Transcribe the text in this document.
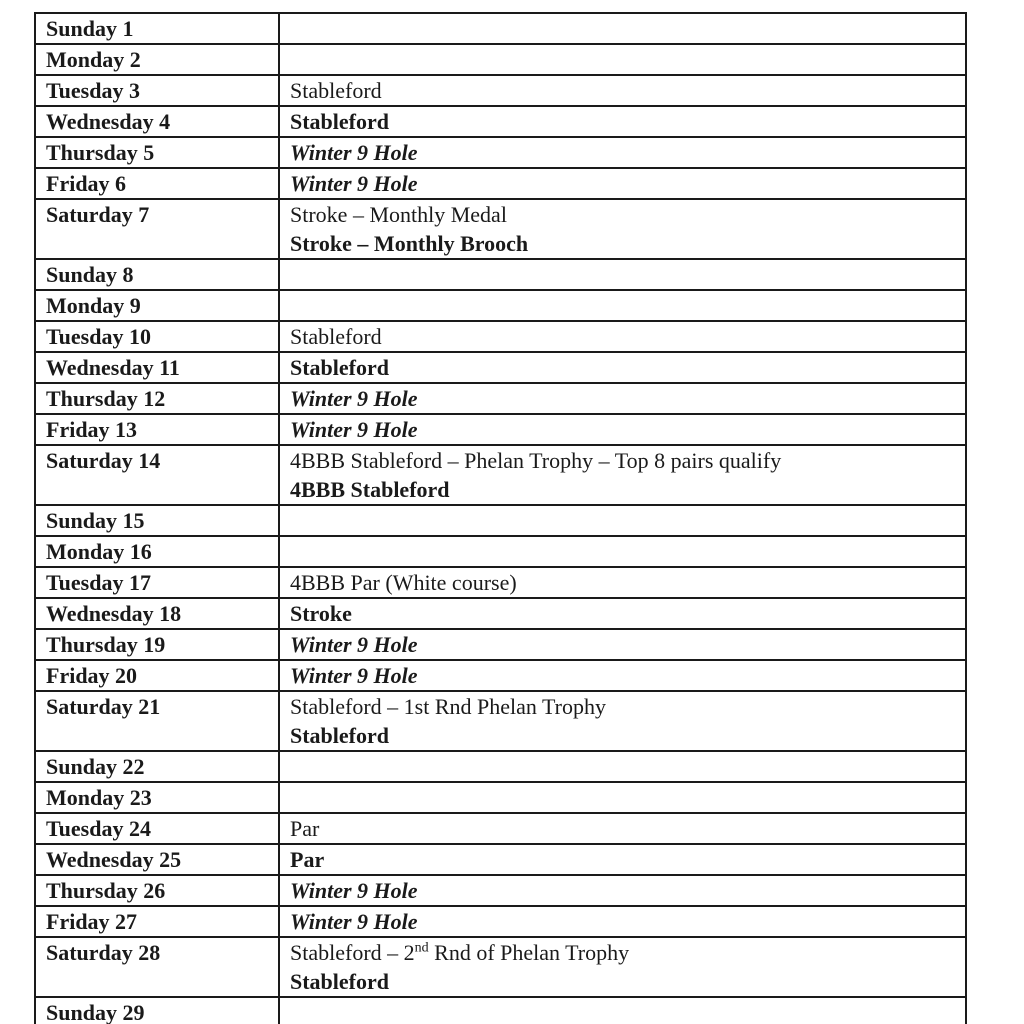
Sunday 1	
Monday 2	
Tuesday 3	Stableford

Wednesday 4	Stableford

Thursday 5	Winter 9 Hole

Friday 6	Winter 9 Hole

Saturday 7	Stroke – Monthly Medal
Stroke – Monthly Brooch

Sunday 8	
Monday 9	
Tuesday 10	Stableford

Wednesday 11	Stableford

Thursday 12	Winter 9 Hole

Friday 13	Winter 9 Hole

Saturday 14	4BBB Stableford – Phelan Trophy – Top 8 pairs qualify
4BBB Stableford

Sunday 15	
Monday 16	
Tuesday 17	4BBB Par (White course)

Wednesday 18	Stroke

Thursday 19	Winter 9 Hole

Friday 20	Winter 9 Hole

Saturday 21	Stableford – 1st Rnd Phelan Trophy
Stableford

Sunday 22	
Monday 23	
Tuesday 24	Par

Wednesday 25	Par

Thursday 26	Winter 9 Hole

Friday 27	Winter 9 Hole

Saturday 28	Stableford – 2nd Rnd of Phelan Trophy
Stableford

Sunday 29	
